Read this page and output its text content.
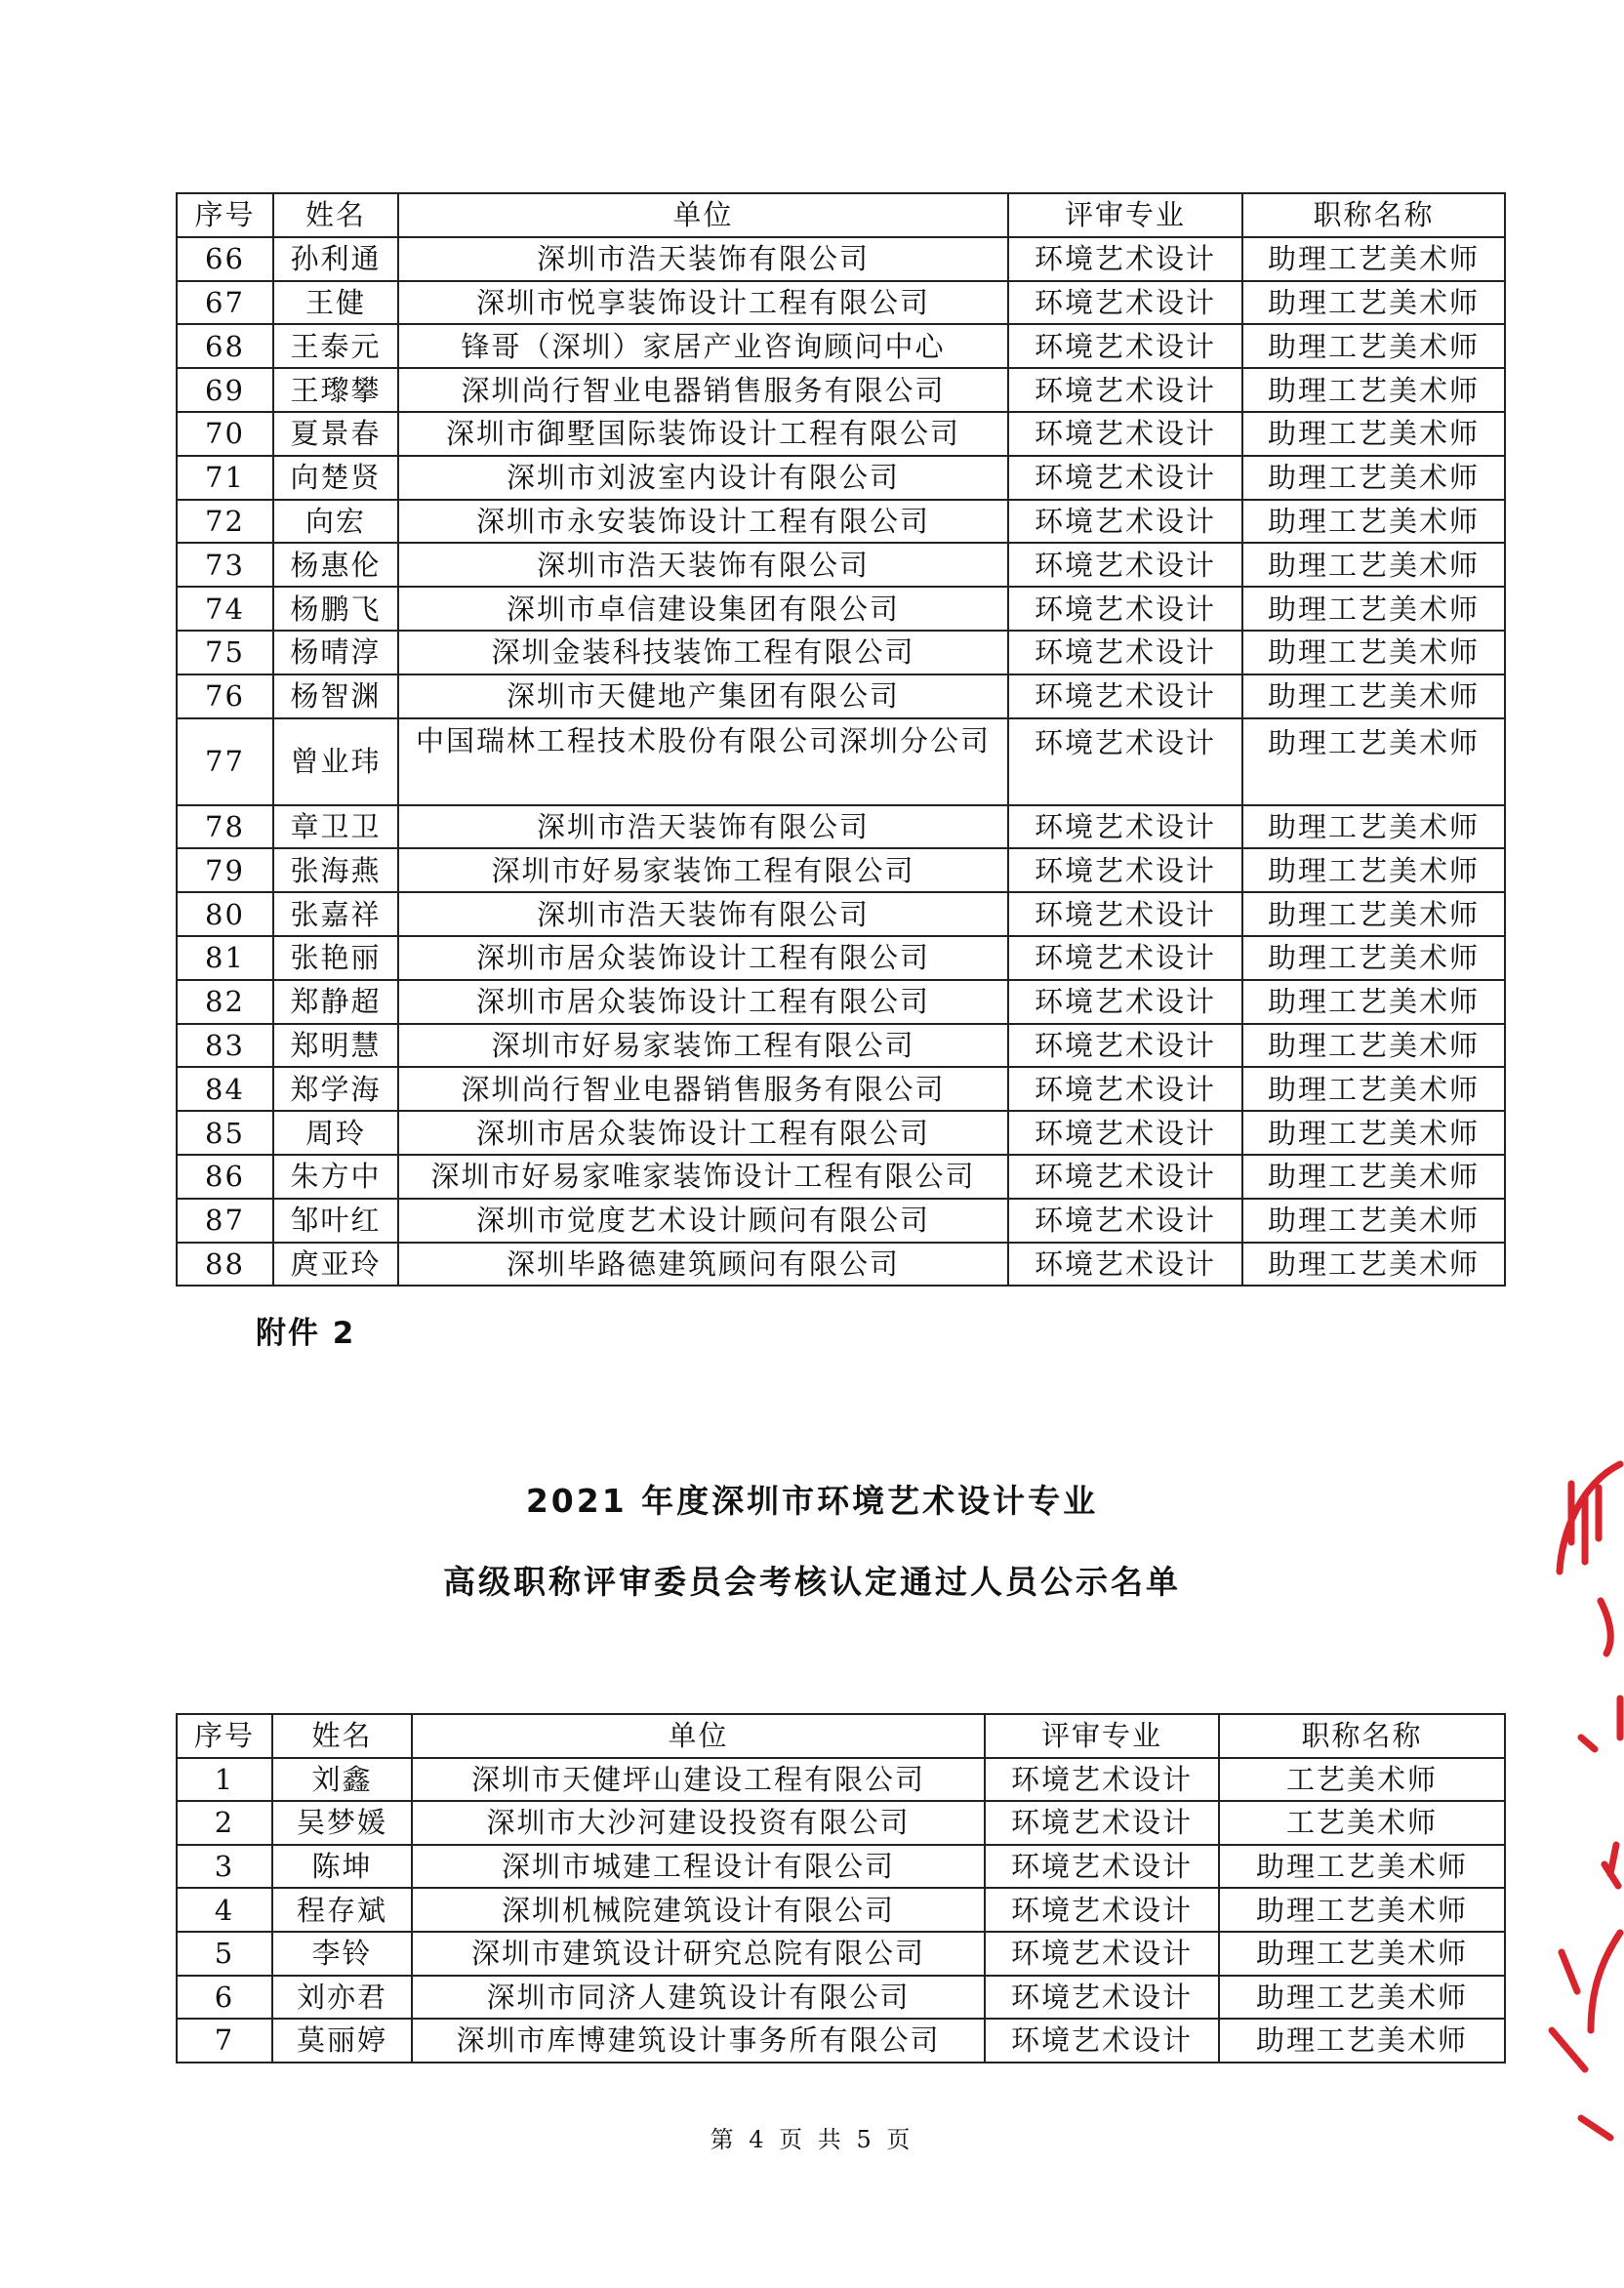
序号	姓名	单位	评审专业	职称名称
66	孙利通	深圳市浩天装饰有限公司	环境艺术设计	助理工艺美术师
67	王健	深圳市悦享装饰设计工程有限公司	环境艺术设计	助理工艺美术师
68	王泰元	锋哥（深圳）家居产业咨询顾问中心	环境艺术设计	助理工艺美术师
69	王瓈攀	深圳尚行智业电器销售服务有限公司	环境艺术设计	助理工艺美术师
70	夏景春	深圳市御墅国际装饰设计工程有限公司	环境艺术设计	助理工艺美术师
71	向楚贤	深圳市刘波室内设计有限公司	环境艺术设计	助理工艺美术师
72	向宏	深圳市永安装饰设计工程有限公司	环境艺术设计	助理工艺美术师
73	杨惠伦	深圳市浩天装饰有限公司	环境艺术设计	助理工艺美术师
74	杨鹏飞	深圳市卓信建设集团有限公司	环境艺术设计	助理工艺美术师
75	杨晴淳	深圳金装科技装饰工程有限公司	环境艺术设计	助理工艺美术师
76	杨智渊	深圳市天健地产集团有限公司	环境艺术设计	助理工艺美术师
77	曾业玮	中国瑞林工程技术股份有限公司深圳分公司	环境艺术设计	助理工艺美术师
78	章卫卫	深圳市浩天装饰有限公司	环境艺术设计	助理工艺美术师
79	张海燕	深圳市好易家装饰工程有限公司	环境艺术设计	助理工艺美术师
80	张嘉祥	深圳市浩天装饰有限公司	环境艺术设计	助理工艺美术师
81	张艳丽	深圳市居众装饰设计工程有限公司	环境艺术设计	助理工艺美术师
82	郑静超	深圳市居众装饰设计工程有限公司	环境艺术设计	助理工艺美术师
83	郑明慧	深圳市好易家装饰工程有限公司	环境艺术设计	助理工艺美术师
84	郑学海	深圳尚行智业电器销售服务有限公司	环境艺术设计	助理工艺美术师
85	周玲	深圳市居众装饰设计工程有限公司	环境艺术设计	助理工艺美术师
86	朱方中	深圳市好易家唯家装饰设计工程有限公司	环境艺术设计	助理工艺美术师
87	邹叶红	深圳市觉度艺术设计顾问有限公司	环境艺术设计	助理工艺美术师
88	庹亚玲	深圳毕路德建筑顾问有限公司	环境艺术设计	助理工艺美术师
附件 2
2021 年度深圳市环境艺术设计专业
高级职称评审委员会考核认定通过人员公示名单
序号	姓名	单位	评审专业	职称名称
1	刘鑫	深圳市天健坪山建设工程有限公司	环境艺术设计	工艺美术师
2	吴梦媛	深圳市大沙河建设投资有限公司	环境艺术设计	工艺美术师
3	陈坤	深圳市城建工程设计有限公司	环境艺术设计	助理工艺美术师
4	程存斌	深圳机械院建筑设计有限公司	环境艺术设计	助理工艺美术师
5	李铃	深圳市建筑设计研究总院有限公司	环境艺术设计	助理工艺美术师
6	刘亦君	深圳市同济人建筑设计有限公司	环境艺术设计	助理工艺美术师
7	莫丽婷	深圳市库博建筑设计事务所有限公司	环境艺术设计	助理工艺美术师
第 4 页 共 5 页
